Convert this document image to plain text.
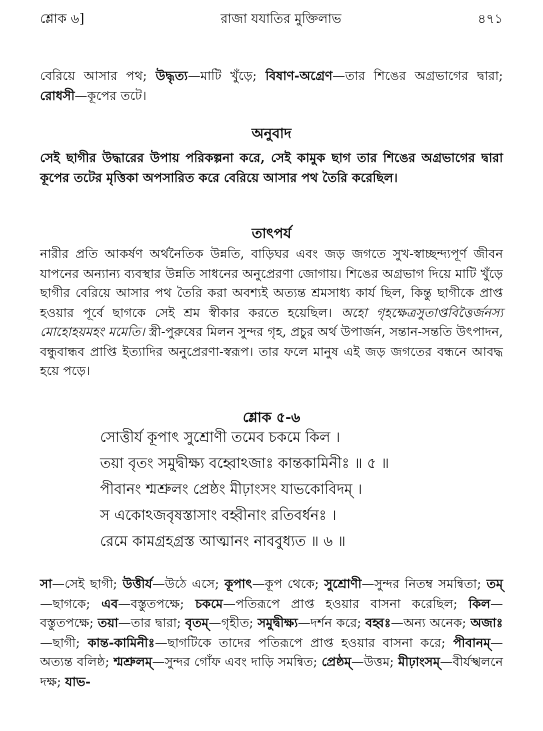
শ্লোক ৬]	রাজা যযাতির মুক্তিলাভ	৪৭১
বেরিয়ে আসার পথ; উদ্ধৃত্য—মাটি খুঁড়ে; বিষাণ-অগ্রেণ—তার শিঙের অগ্রভাগের দ্বারা; রোধসী—কূপের তটে।
অনুবাদ
সেই ছাগীর উদ্ধারের উপায় পরিকল্পনা করে, সেই কামুক ছাগ তার শিঙের অগ্রভাগের দ্বারা কূপের তটের মৃত্তিকা অপসারিত করে বেরিয়ে আসার পথ তৈরি করেছিল।
তাৎপর্য
নারীর প্রতি আকর্ষণ অর্থনৈতিক উন্নতি, বাড়িঘর এবং জড় জগতে সুখ-স্বাচ্ছন্দ্যপূর্ণ জীবন যাপনের অন্যান্য ব্যবস্থার উন্নতি সাধনের অনুপ্রেরণা জোগায়। শিঙের অগ্রভাগ দিয়ে মাটি খুঁড়ে ছাগীর বেরিয়ে আসার পথ তৈরি করা অবশ্যই অত্যন্ত শ্রমসাধ্য কার্য ছিল, কিন্তু ছাগীকে প্রাপ্ত হওয়ার পূর্বে ছাগকে সেই শ্রম স্বীকার করতে হয়েছিল। অহো গৃহক্ষেত্রসুতাপ্তবিত্তৈর্জনস্য মোহোহয়মহং মমেতি। স্ত্রী-পুরুষের মিলন সুন্দর গৃহ, প্রচুর অর্থ উপার্জন, সন্তান-সন্ততি উৎপাদন, বন্ধুবান্ধব প্রাপ্তি ইত্যাদির অনুপ্রেরণা-স্বরূপ। তার ফলে মানুষ এই জড় জগতের বন্ধনে আবদ্ধ হয়ে পড়ে।
শ্লোক ৫-৬
সোত্তীর্য কূপাৎ সুশ্রোণী তমেব চকমে কিল ।
তয়া বৃতং সমুদ্বীক্ষ্য বহ্বোঽজাঃ কান্তকামিনীঃ ॥ ৫ ॥
পীবানং শ্মশ্রুলং প্রেষ্ঠং মীঢ়াংসং যাভকোবিদম্ ।
স একোঽজবৃষস্তাসাং বহ্বীনাং রতিবর্ধনঃ ।
রেমে কামগ্রহগ্রস্ত আত্মানং নাববুধ্যত ॥ ৬ ॥
সা—সেই ছাগী; উত্তীর্য—উঠে এসে; কূপাৎ—কূপ থেকে; সুশ্রোণী—সুন্দর নিতম্ব সমন্বিতা; তম্—ছাগকে; এব—বস্তুতপক্ষে; চকমে—পতিরূপে প্রাপ্ত হওয়ার বাসনা করেছিল; কিল—বস্তুতপক্ষে; তয়া—তার দ্বারা; বৃতম্—গৃহীত; সমুদ্বীক্ষ্য—দর্শন করে; বহ্বঃ—অন্য অনেক; অজাঃ—ছাগী; কান্ত-কামিনীঃ—ছাগটিকে তাদের পতিরূপে প্রাপ্ত হওয়ার বাসনা করে; পীবানম্—অত্যন্ত বলিষ্ঠ; শ্মশ্রুলম্—সুন্দর গোঁফ এবং দাড়ি সমন্বিত; প্রেষ্ঠম্—উত্তম; মীঢ়াংসম্—বীর্যস্খলনে দক্ষ; যাভ-
